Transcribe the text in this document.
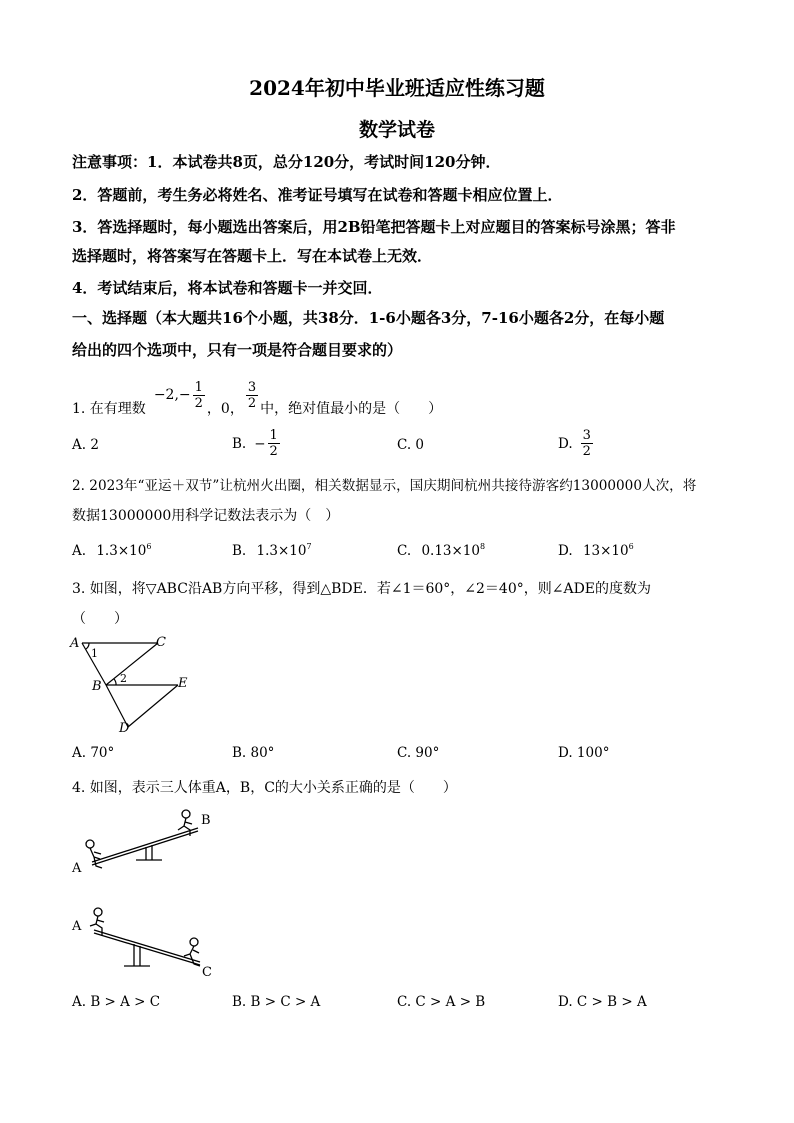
2024年初中毕业班适应性练习题
数学试卷
注意事项：1．本试卷共8页，总分120分，考试时间120分钟．
2．答题前，考生务必将姓名、准考证号填写在试卷和答题卡相应位置上．
3．答选择题时，每小题选出答案后，用2B铅笔把答题卡上对应题目的答案标号涂黑；答非
选择题时，将答案写在答题卡上．写在本试卷上无效．
4．考试结束后，将本试卷和答题卡一并交回．
一、选择题（本大题共16个小题，共38分．1-6小题各3分，7-16小题各2分，在每小题
给出的四个选项中，只有一项是符合题目要求的）
1. 在有理数
$-2,- \frac{1}{2}$ ，0， $\frac{3}{2}$ 中，绝对值最小的是（　　）
A. 2	B. − $\frac{1}{2}$	C. 0	D. $\frac{3}{2}$
2. 2023年“亚运＋双节”让杭州火出圈，相关数据显示，国庆期间杭州共接待游客约13000000人次，将
数据13000000用科学记数法表示为（　）
A. $1.3\times 10^6$	B. $1.3\times 10^7$	C. $0.13\times 10^8$	D. $13\times 10^6$
3. 如图，将▽ABC沿AB方向平移，得到△BDE．若∠1＝60°，∠2＝40°，则∠ADE的度数为
（　　）
A	C
B	E
D
1
2
A. 70°	B. 80°	C. 90°	D. 100°
4. 如图，表示三人体重A，B，C的大小关系正确的是（　　）
A
B
A
C
A. B > A > C	B. B > C > A	C. C > A > B	D. C > B > A
